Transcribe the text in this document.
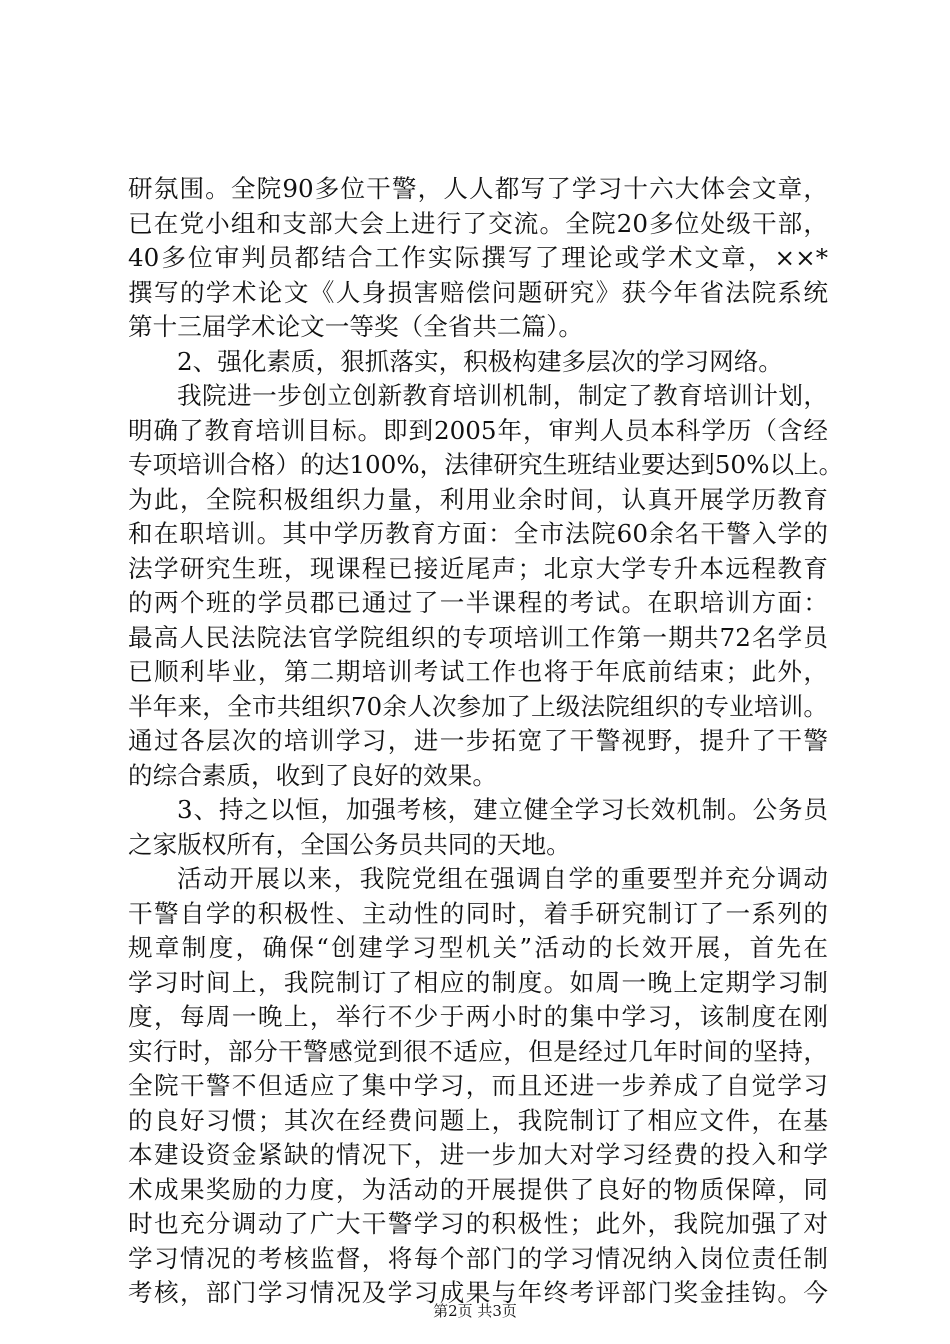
研氛围。全院90多位干警，人人都写了学习十六大体会文章，
已在党小组和支部大会上进行了交流。全院20多位处级干部，
40多位审判员都结合工作实际撰写了理论或学术文章，××*
撰写的学术论文《人身损害赔偿问题研究》获今年省法院系统
第十三届学术论文一等奖（全省共二篇）。
2、强化素质，狠抓落实，积极构建多层次的学习网络。
我院进一步创立创新教育培训机制，制定了教育培训计划，
明确了教育培训目标。即到2005年，审判人员本科学历（含经
专项培训合格）的达100%，法律研究生班结业要达到50%以上。
为此，全院积极组织力量，利用业余时间，认真开展学历教育
和在职培训。其中学历教育方面：全市法院60余名干警入学的
法学研究生班，现课程已接近尾声；北京大学专升本远程教育
的两个班的学员郡已通过了一半课程的考试。在职培训方面：
最高人民法院法官学院组织的专项培训工作第一期共72名学员
已顺利毕业，第二期培训考试工作也将于年底前结束；此外，
半年来，全市共组织70余人次参加了上级法院组织的专业培训。
通过各层次的培训学习，进一步拓宽了干警视野，提升了干警
的综合素质，收到了良好的效果。
3、持之以恒，加强考核，建立健全学习长效机制。公务员
之家版权所有，全国公务员共同的天地。
活动开展以来，我院党组在强调自学的重要型并充分调动
干警自学的积极性、主动性的同时，着手研究制订了一系列的
规章制度，确保“创建学习型机关”活动的长效开展，首先在
学习时间上，我院制订了相应的制度。如周一晚上定期学习制
度，每周一晚上，举行不少于两小时的集中学习，该制度在刚
实行时，部分干警感觉到很不适应，但是经过几年时间的坚持，
全院干警不但适应了集中学习，而且还进一步养成了自觉学习
的良好习惯；其次在经费问题上，我院制订了相应文件，在基
本建设资金紧缺的情况下，进一步加大对学习经费的投入和学
术成果奖励的力度，为活动的开展提供了良好的物质保障，同
时也充分调动了广大干警学习的积极性；此外，我院加强了对
学习情况的考核监督，将每个部门的学习情况纳入岗位责任制
考核，部门学习情况及学习成果与年终考评部门奖金挂钩。今
第2页 共3页
